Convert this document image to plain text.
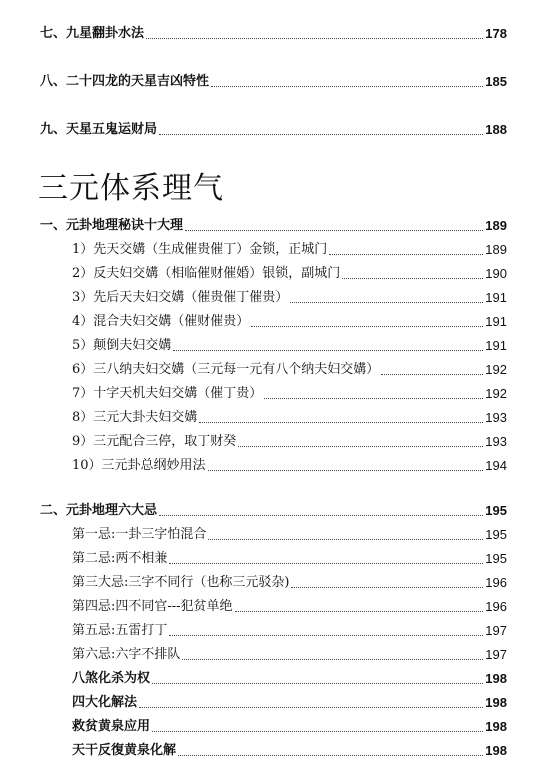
七、九星翻卦水法	178
八、二十四龙的天星吉凶特性	185
九、天星五鬼运财局	188
三元体系理气
一、元卦地理秘诀十大理	189
1）先天交媾（生成催贵催丁）金锁，正城门	189
2）反夫妇交媾（相临催财催婚）银锁，副城门	190
3）先后天夫妇交媾（催贵催丁催贵）	191
4）混合夫妇交媾（催财催贵）	191
5）颠倒夫妇交媾	191
6）三八纳夫妇交媾（三元每一元有八个纳夫妇交媾）	192
7）十字天机夫妇交媾（催丁贵）	192
8）三元大卦夫妇交媾	193
9）三元配合三停，取丁财癸	193
10）三元卦总纲妙用法	194
二、元卦地理六大忌	195
第一忌:一卦三字怕混合	195
第二忌:两不相兼	195
第三大忌:三字不同行（也称三元驳杂)	196
第四忌:四不同官---犯贫单绝	196
第五忌:五雷打丁	197
第六忌:六字不排队	197
八煞化杀为权	198
四大化解法	198
救贫黄泉应用	198
天干反復黄泉化解	198
